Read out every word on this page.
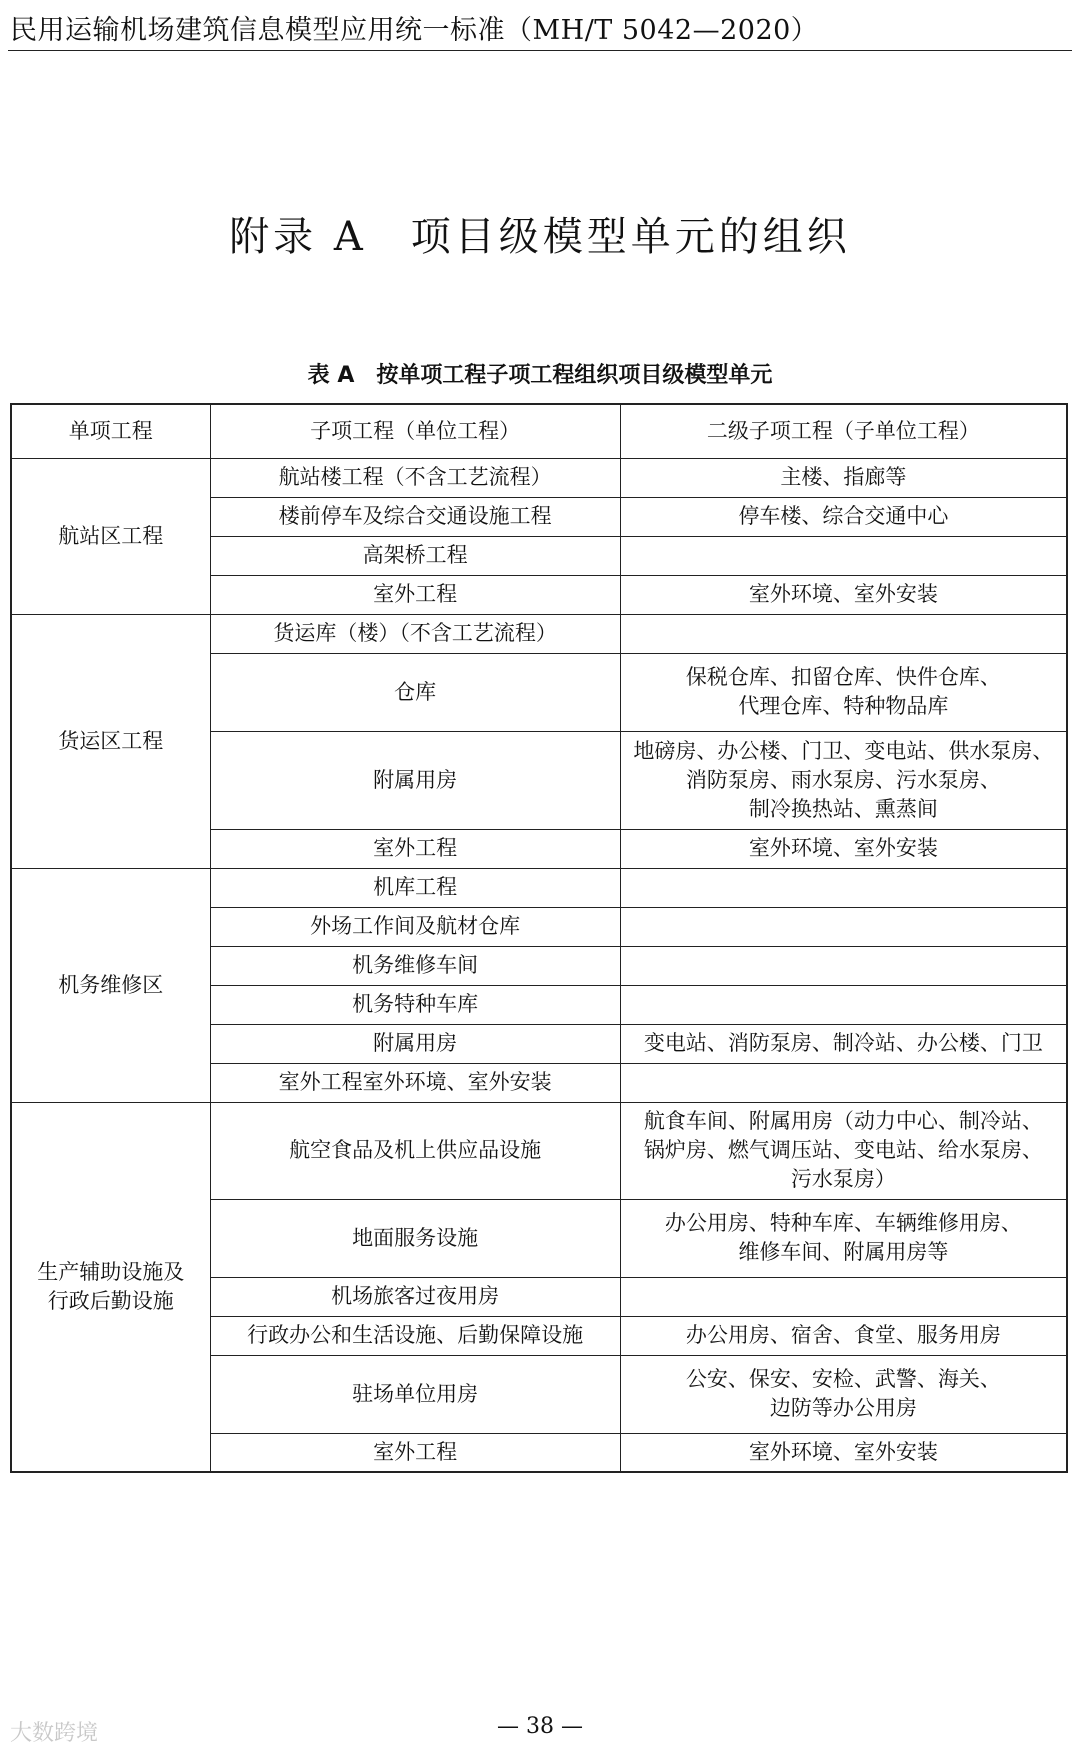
民用运输机场建筑信息模型应用统一标准（MH/T 5042—2020）
附录 A　项目级模型单元的组织
表 A　按单项工程子项工程组织项目级模型单元
单项工程	子项工程（单位工程）	二级子项工程（子单位工程）
航站区工程	航站楼工程（不含工艺流程）	主楼、指廊等
	楼前停车及综合交通设施工程	停车楼、综合交通中心
	高架桥工程	
	室外工程	室外环境、室外安装
货运区工程	货运库（楼）（不含工艺流程）	
	仓库	保税仓库、扣留仓库、快件仓库、
代理仓库、特种物品库
	附属用房	地磅房、办公楼、门卫、变电站、供水泵房、
消防泵房、雨水泵房、污水泵房、
制冷换热站、熏蒸间
	室外工程	室外环境、室外安装
机务维修区	机库工程	
	外场工作间及航材仓库	
	机务维修车间	
	机务特种车库	
	附属用房	变电站、消防泵房、制冷站、办公楼、门卫
	室外工程室外环境、室外安装	
生产辅助设施及
行政后勤设施	航空食品及机上供应品设施	航食车间、附属用房（动力中心、制冷站、
锅炉房、燃气调压站、变电站、给水泵房、
污水泵房）
	地面服务设施	办公用房、特种车库、车辆维修用房、
维修车间、附属用房等
	机场旅客过夜用房	
	行政办公和生活设施、后勤保障设施	办公用房、宿舍、食堂、服务用房
	驻场单位用房	公安、保安、安检、武警、海关、
边防等办公用房
	室外工程	室外环境、室外安装
— 38 —
大数跨境
